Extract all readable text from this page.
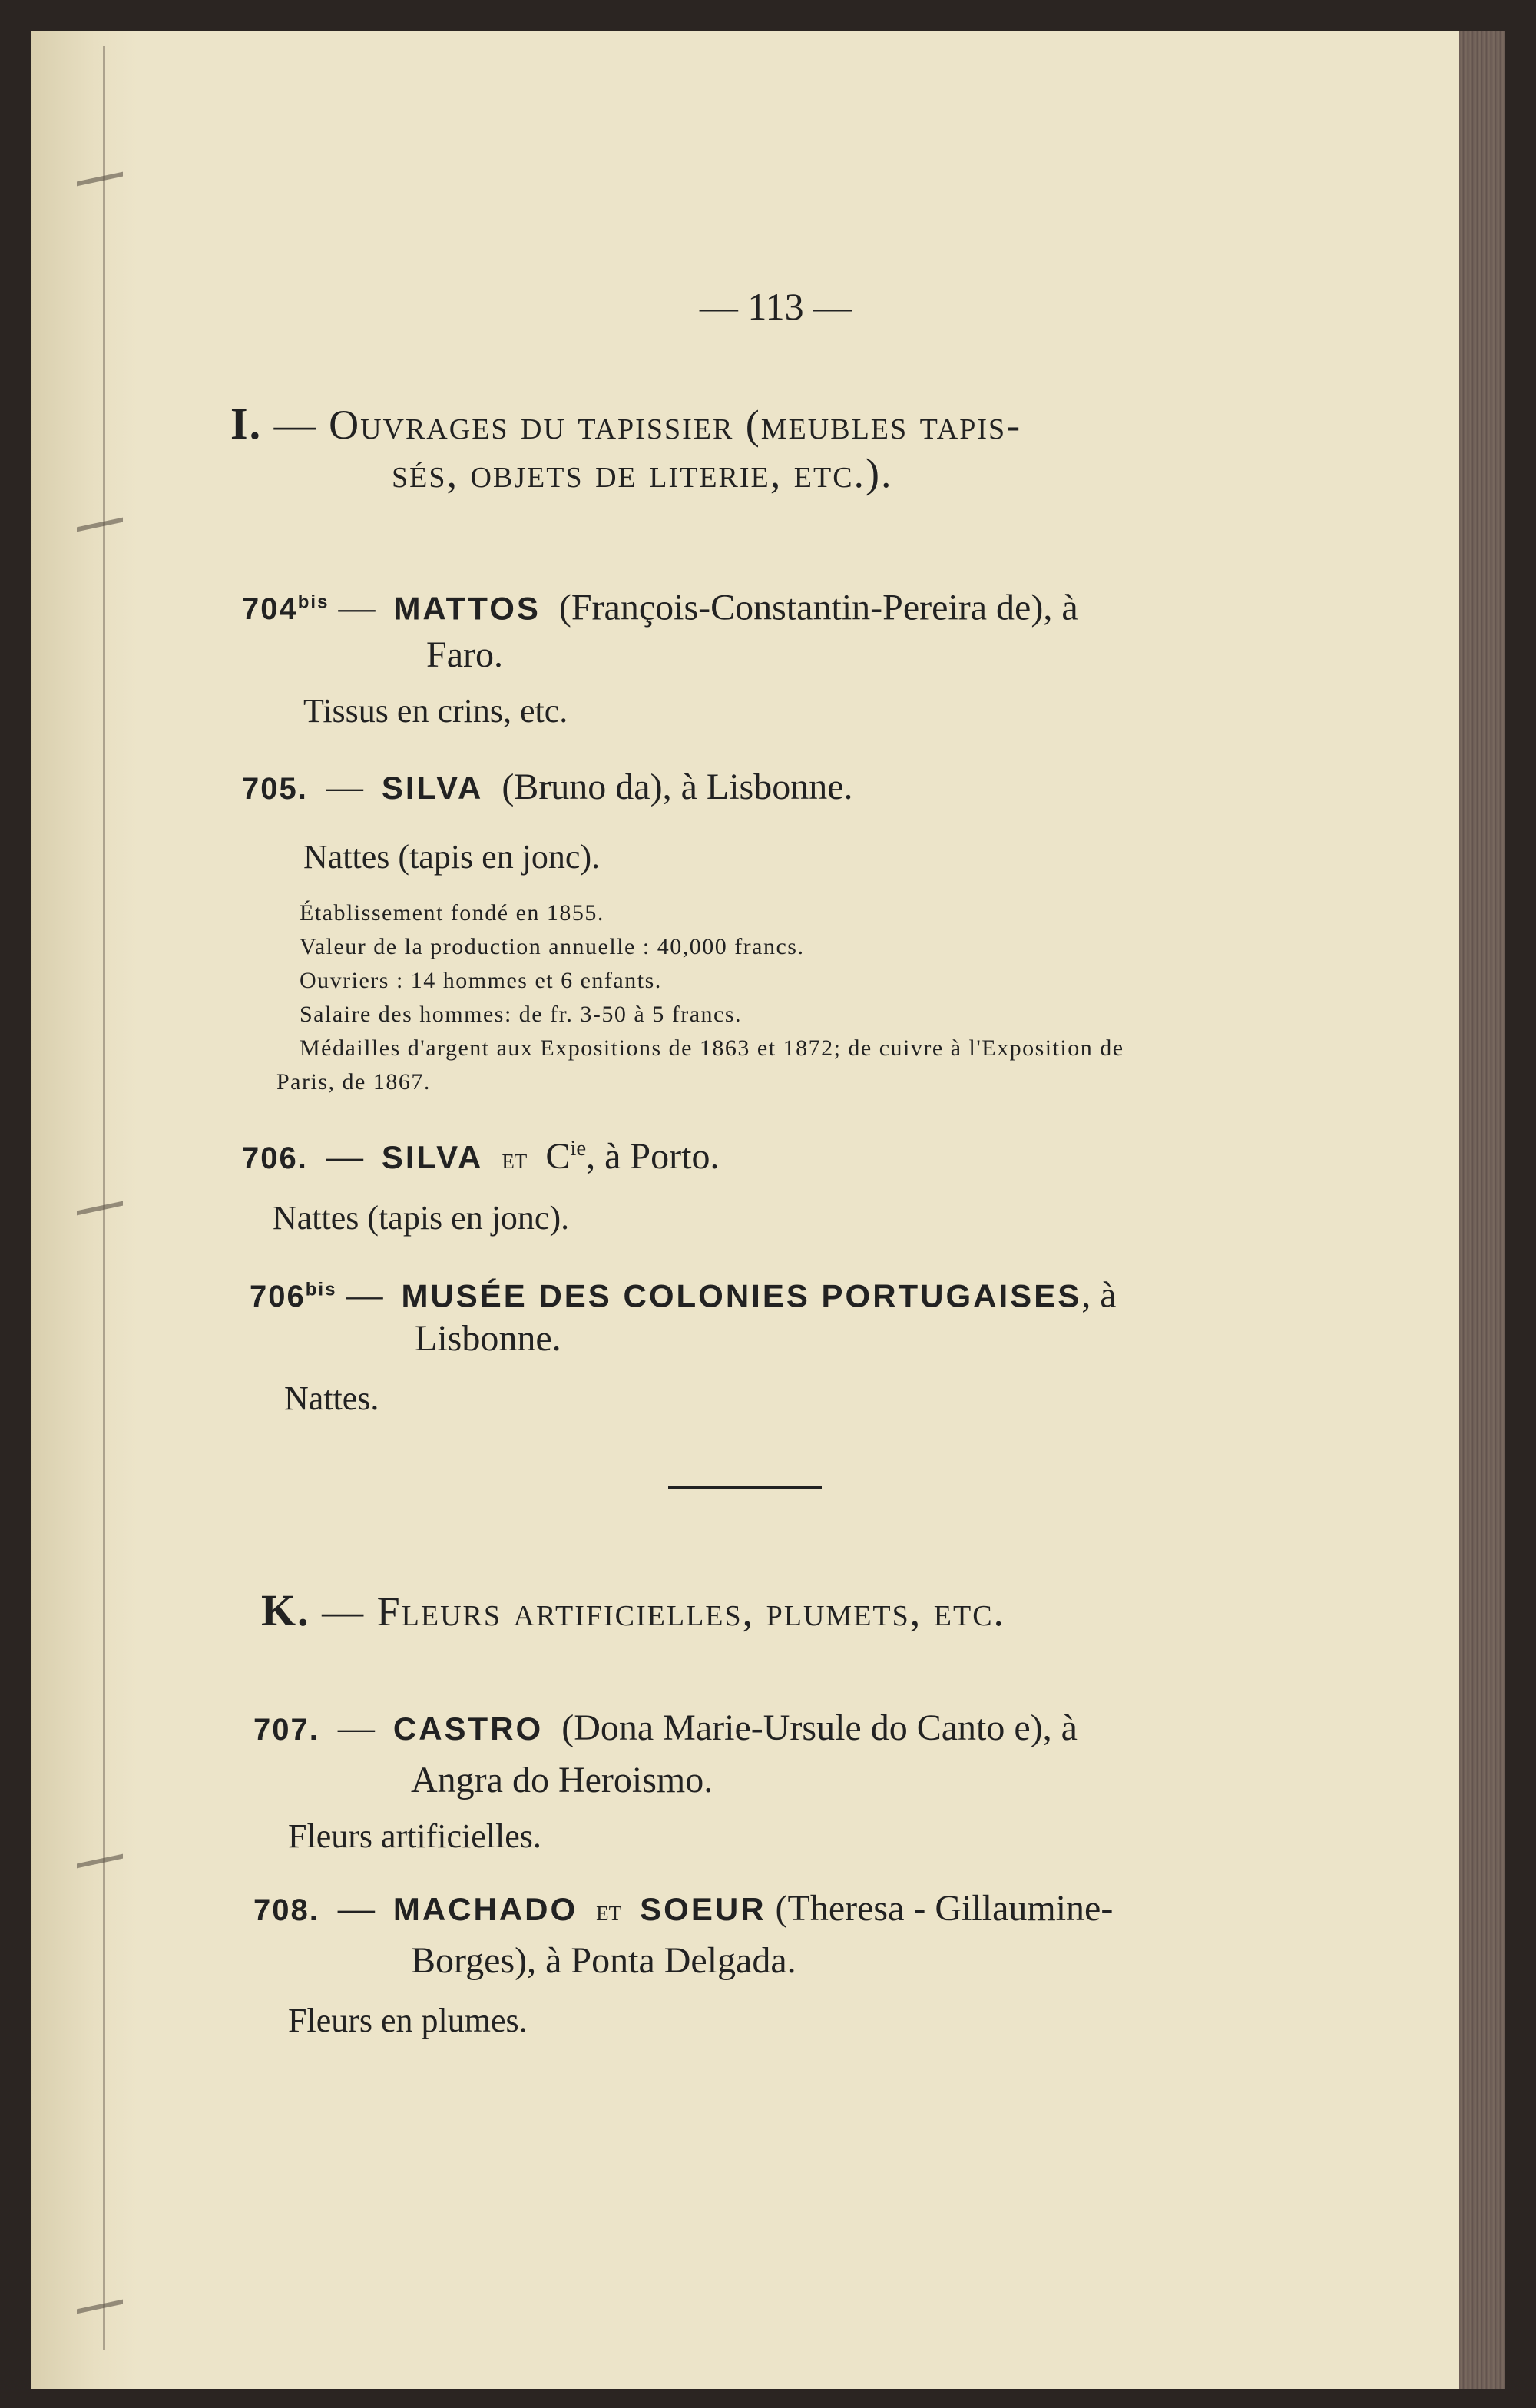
— 113 —
I. — Ouvrages du tapissier (meubles tapis-
sés, objets de literie, etc.).
$704^{bis}$ — MATTOS (François-Constantin-Pereira de), à
Faro.
Tissus en crins, etc.
705. — SILVA (Bruno da), à Lisbonne.
Nattes (tapis en jonc).
Établissement fondé en 1855.
Valeur de la production annuelle : 40,000 francs.
Ouvriers : 14 hommes et 6 enfants.
Salaire des hommes: de fr. 3-50 à 5 francs.
Médailles d'argent aux Expositions de 1863 et 1872; de cuivre à l'Exposition de
Paris, de 1867.
706. — SILVA et $C^{ie}$, à Porto.
Nattes (tapis en jonc).
$706^{bis}$ — MUSÉE DES COLONIES PORTUGAISES, à
Lisbonne.
Nattes.
K. — Fleurs artificielles, plumets, etc.
707. — CASTRO (Dona Marie-Ursule do Canto e), à
Angra do Heroismo.
Fleurs artificielles.
708. — MACHADO et SOEUR (Theresa - Gillaumine-
Borges), à Ponta Delgada.
Fleurs en plumes.
